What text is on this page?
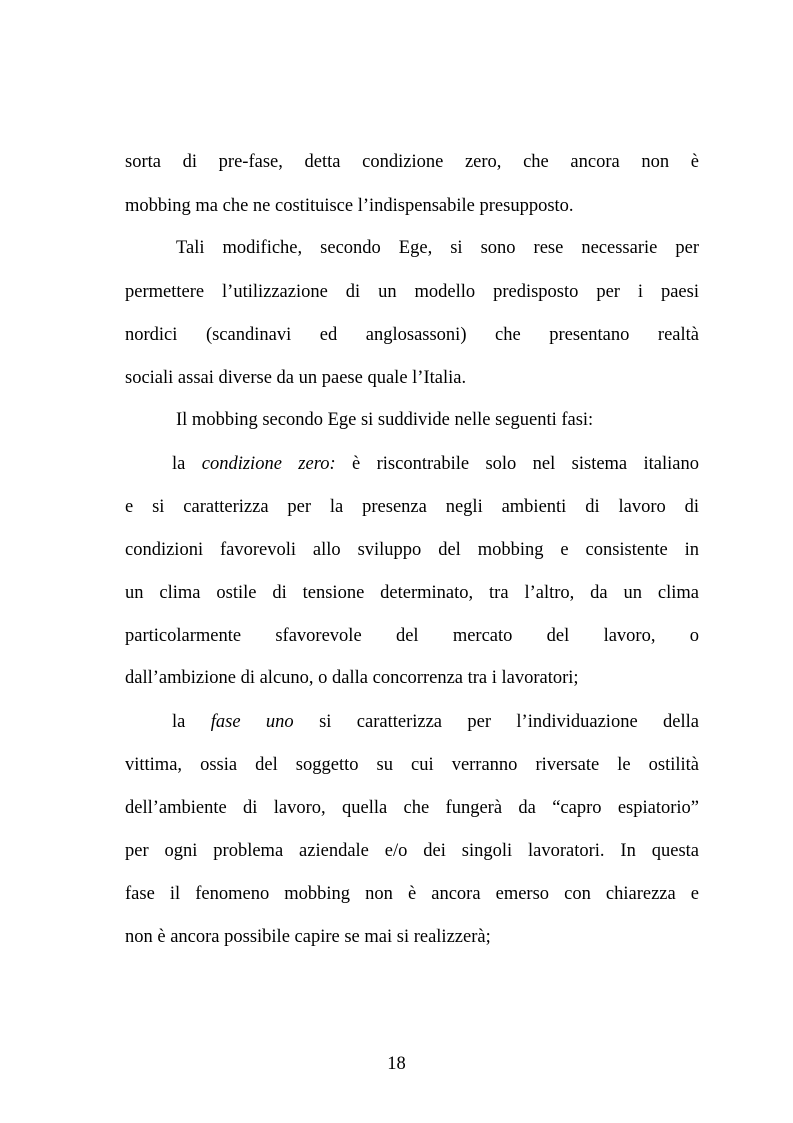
sorta di pre-fase, detta condizione zero, che ancora non è
mobbing ma che ne costituisce l’indispensabile presupposto.
Tali modifiche, secondo Ege, si sono rese necessarie per
permettere l’utilizzazione di un modello predisposto per i paesi
nordici (scandinavi ed anglosassoni) che presentano realtà
sociali assai diverse da un paese quale l’Italia.
Il mobbing secondo Ege si suddivide nelle seguenti fasi:
la condizione zero: è riscontrabile solo nel sistema italiano
e si caratterizza per la presenza negli ambienti di lavoro di
condizioni favorevoli allo sviluppo del mobbing e consistente in
un clima ostile di tensione determinato, tra l’altro, da un clima
particolarmente sfavorevole del mercato del lavoro, o
dall’ambizione di alcuno, o dalla concorrenza tra i lavoratori;
la fase uno si caratterizza per l’individuazione della
vittima, ossia del soggetto su cui verranno riversate le ostilità
dell’ambiente di lavoro, quella che fungerà da “capro espiatorio”
per ogni problema aziendale e/o dei singoli lavoratori. In questa
fase il fenomeno mobbing non è ancora emerso con chiarezza e
non è ancora possibile capire se mai si realizzerà;
18
